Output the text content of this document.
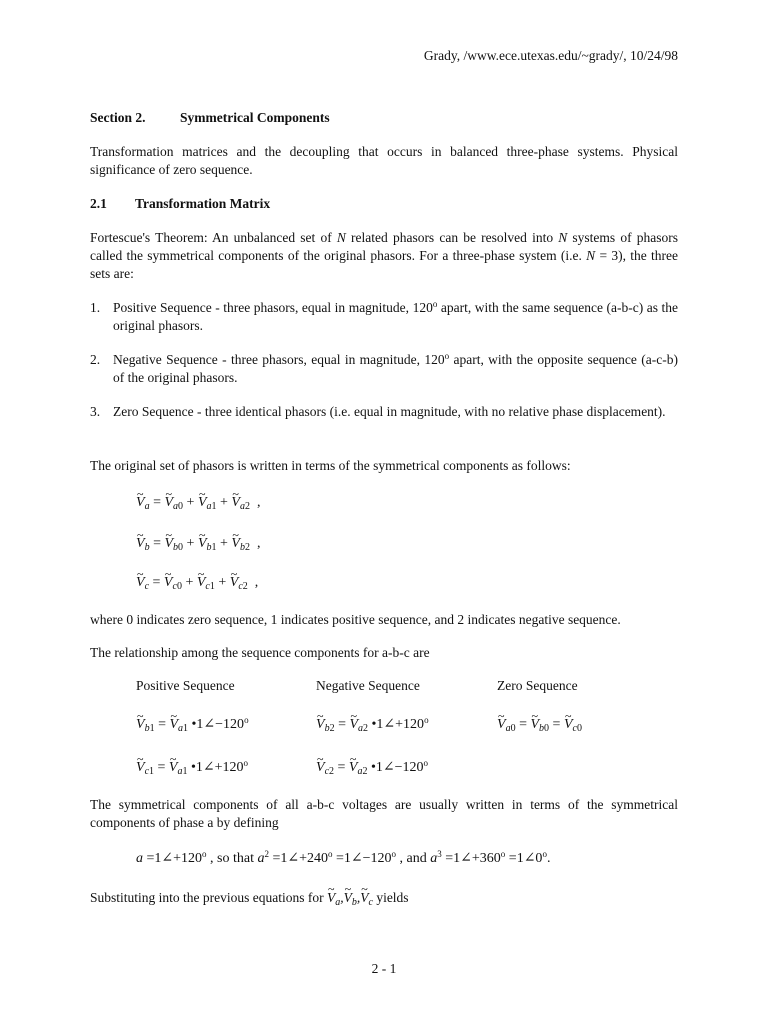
Grady, /www.ece.utexas.edu/~grady/, 10/24/98
Section 2.	Symmetrical Components
Transformation matrices and the decoupling that occurs in balanced three-phase systems. Physical significance of zero sequence.
2.1 Transformation Matrix
Fortescue's Theorem: An unbalanced set of N related phasors can be resolved into N systems of phasors called the symmetrical components of the original phasors. For a three-phase system (i.e. N = 3), the three sets are:
1. Positive Sequence - three phasors, equal in magnitude, 120$^o$ apart, with the same sequence (a-b-c) as the original phasors.
2. Negative Sequence - three phasors, equal in magnitude, 120$^o$ apart, with the opposite sequence (a-c-b) of the original phasors.
3. Zero Sequence - three identical phasors (i.e. equal in magnitude, with no relative phase displacement).
The original set of phasors is written in terms of the symmetrical components as follows:
~ $V_a$ = ~ $V_{a0}$ + ~ $V_{a1}$ + ~ $V_{a2}$  ,
~ $V_b$ = ~ $V_{b0}$ + ~ $V_{b1}$ + ~ $V_{b2}$  ,
~ $V_c$ = ~ $V_{c0}$ + ~ $V_{c1}$ + ~ $V_{c2}$  ,
where 0 indicates zero sequence, 1 indicates positive sequence, and 2 indicates negative sequence.
The relationship among the sequence components for a-b-c are
Positive Sequence	Negative Sequence	Zero Sequence
~ $V_{b1}$ = ~ $V_{a1}$ $•1\angle-120^o$	~ $V_{b2}$ = ~ $V_{a2}$ $•1\angle+120^o$	~ $V_{a0}$ = ~ $V_{b0}$ = ~ $V_{c0}$
~ $V_{c1}$ = ~ $V_{a1}$ $•1\angle+120^o$	~ $V_{c2}$ = ~ $V_{a2}$ $•1\angle-120^o$
The symmetrical components of all a-b-c voltages are usually written in terms of the symmetrical components of phase a by defining
$a =1\angle+120^o$ , so that $a^2$ $=1\angle+240^o$ $=1\angle-120^o$ , and $a^3$ $=1\angle+360^o$ $=1\angle 0^o$.
Substituting into the previous equations for ~ $V_a,\sim$ $V_b,\sim$ $V_c$ yields
2 - 1
